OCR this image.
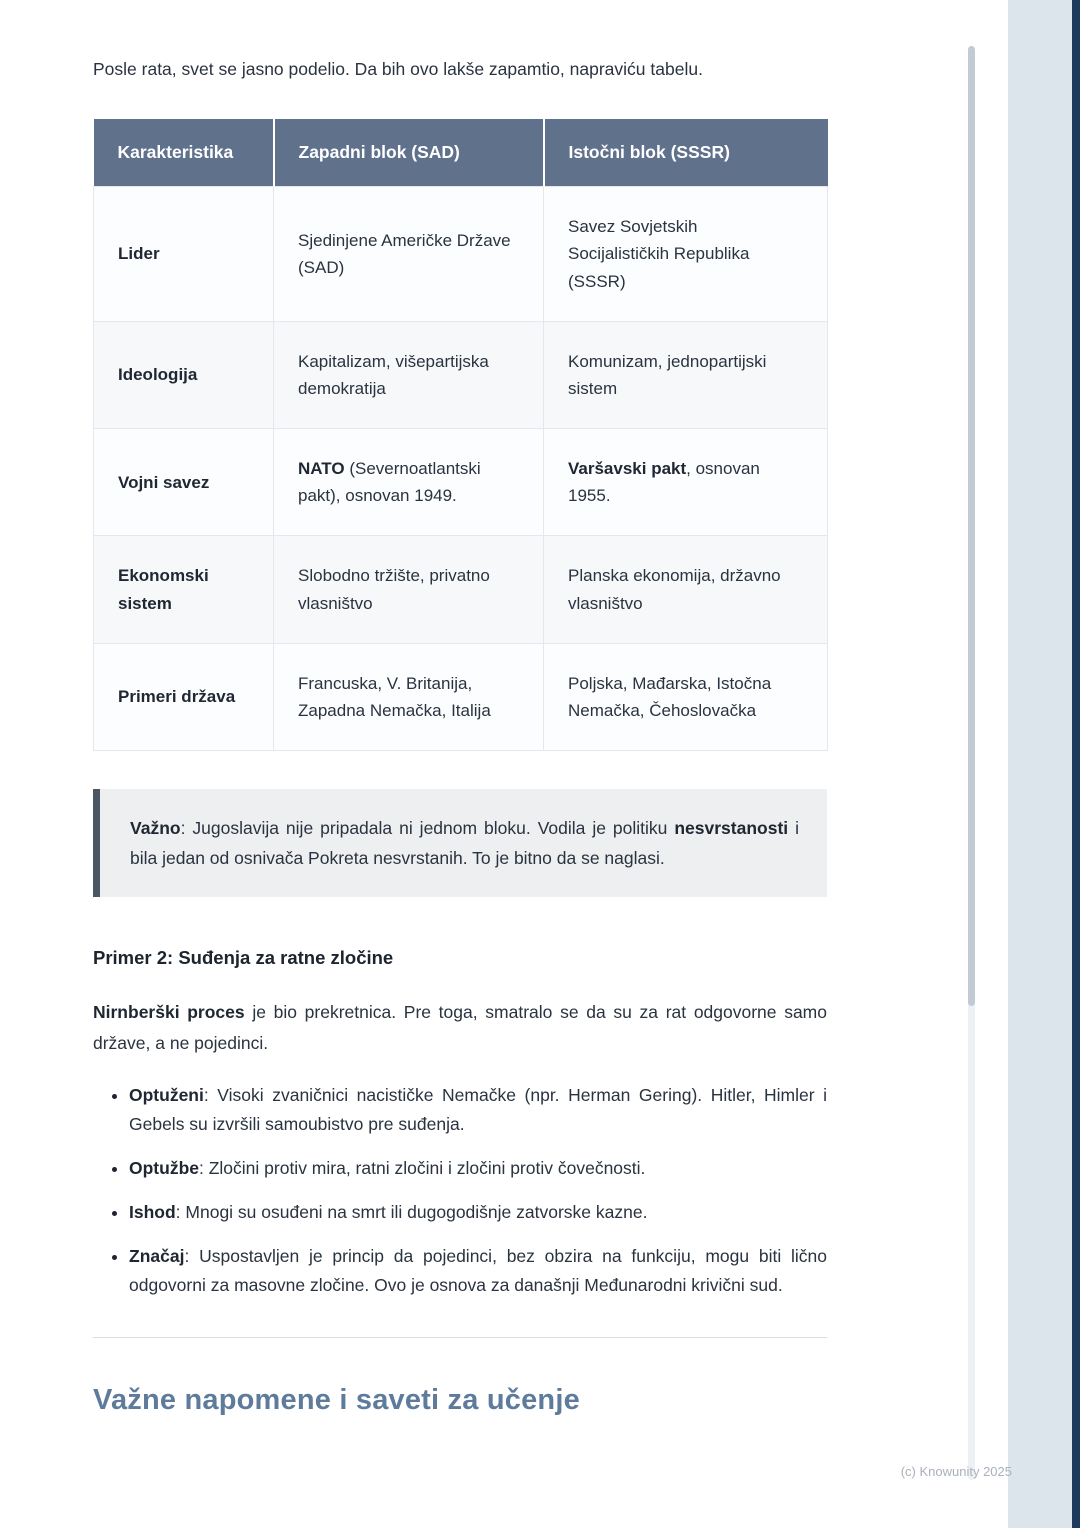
Posle rata, svet se jasno podelio. Da bih ovo lakše zapamtio, napraviću tabelu.

Karakteristika	Zapadni blok (SAD)	Istočni blok (SSSR)
Lider	Sjedinjene Američke Države (SAD)	Savez Sovjetskih Socijalističkih Republika (SSSR)
Ideologija	Kapitalizam, višepartijska demokratija	Komunizam, jednopartijski sistem
Vojni savez	NATO (Severnoatlantski pakt), osnovan 1949.	Varšavski pakt, osnovan 1955.
Ekonomski sistem	Slobodno tržište, privatno vlasništvo	Planska ekonomija, državno vlasništvo
Primeri država	Francuska, V. Britanija, Zapadna Nemačka, Italija	Poljska, Mađarska, Istočna Nemačka, Čehoslovačka
Važno: Jugoslavija nije pripadala ni jednom bloku. Vodila je politiku nesvrstanosti i bila jedan od osnivača Pokreta nesvrstanih. To je bitno da se naglasi.
Primer 2: Suđenja za ratne zločine

Nirnberški proces je bio prekretnica. Pre toga, smatralo se da su za rat odgovorne samo države, a ne pojedinci.

• Optuženi: Visoki zvaničnici nacističke Nemačke (npr. Herman Gering). Hitler, Himler i Gebels su izvršili samoubistvo pre suđenja.
• Optužbe: Zločini protiv mira, ratni zločini i zločini protiv čovečnosti.
• Ishod: Mnogi su osuđeni na smrt ili dugogodišnje zatvorske kazne.
• Značaj: Uspostavljen je princip da pojedinci, bez obzira na funkciju, mogu biti lično odgovorni za masovne zločine. Ovo je osnova za današnji Međunarodni krivični sud.
Važne napomene i saveti za učenje
(c) Knowunity 2025
